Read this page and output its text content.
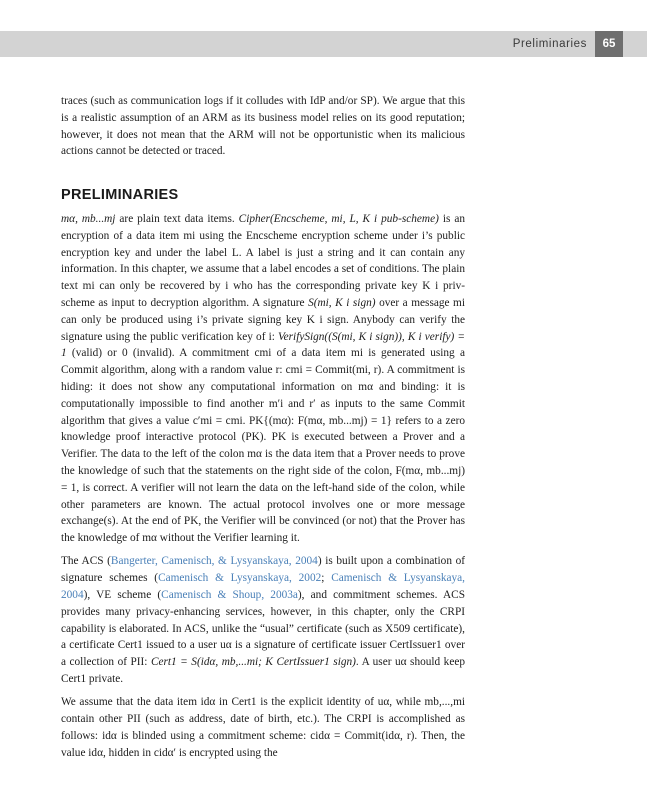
Preliminaries	65

traces (such as communication logs if it colludes with IdP and/or SP). We argue that this is a realistic assumption of an ARM as its business model relies on its good reputation; however, it does not mean that the ARM will not be opportunistic when its malicious actions cannot be detected or traced.

PRELIMINARIES

mα, mb...mj are plain text data items. Cipher(Encscheme, mi, L, K i pub-scheme) is an encryption of a data item mi using the Encscheme encryption scheme under i’s public encryption key and under the label L. A label is just a string and it can contain any information. In this chapter, we assume that a label encodes a set of conditions. The plain text mi can only be recovered by i who has the corresponding private key K i priv-scheme as input to decryption algorithm. A signature S(mi, K i sign) over a message mi can only be produced using i’s private signing key K i sign. Anybody can verify the signature using the public verification key of i: VerifySign((S(mi, K i sign)), K i verify) = 1 (valid) or 0 (invalid). A commitment cmi of a data item mi is generated using a Commit algorithm, along with a random value r: cmi = Commit(mi, r). A commitment is hiding: it does not show any computational information on mα and binding: it is computationally impossible to find another m′i and r′ as inputs to the same Commit algorithm that gives a value c′mi = cmi. PK{(mα): F(mα, mb...mj) = 1} refers to a zero knowledge proof interactive protocol (PK). PK is executed between a Prover and a Verifier. The data to the left of the colon mα is the data item that a Prover needs to prove the knowledge of such that the statements on the right side of the colon, F(mα, mb...mj) = 1, is correct. A verifier will not learn the data on the left-hand side of the colon, while other parameters are known. The actual protocol involves one or more message exchange(s). At the end of PK, the Verifier will be convinced (or not) that the Prover has the knowledge of mα without the Verifier learning it.

The ACS (Bangerter, Camenisch, & Lysyanskaya, 2004) is built upon a combination of signature schemes (Camenisch & Lysyanskaya, 2002; Camenisch & Lysyanskaya, 2004), VE scheme (Camenisch & Shoup, 2003a), and commitment schemes. ACS provides many privacy-enhancing services, however, in this chapter, only the CRPI capability is elaborated. In ACS, unlike the “usual” certificate (such as X509 certificate), a certificate Cert1 issued to a user uα is a signature of certificate issuer CertIssuer1 over a collection of PII: Cert1 = S(idα, mb,...mi; K CertIssuer1 sign). A user uα should keep Cert1 private.

We assume that the data item idα in Cert1 is the explicit identity of uα, while mb,...,mi contain other PII (such as address, date of birth, etc.). The CRPI is accomplished as follows: idα is blinded using a commitment scheme: cidα = Commit(idα, r). Then, the value idα, hidden in cidα′ is encrypted using the
